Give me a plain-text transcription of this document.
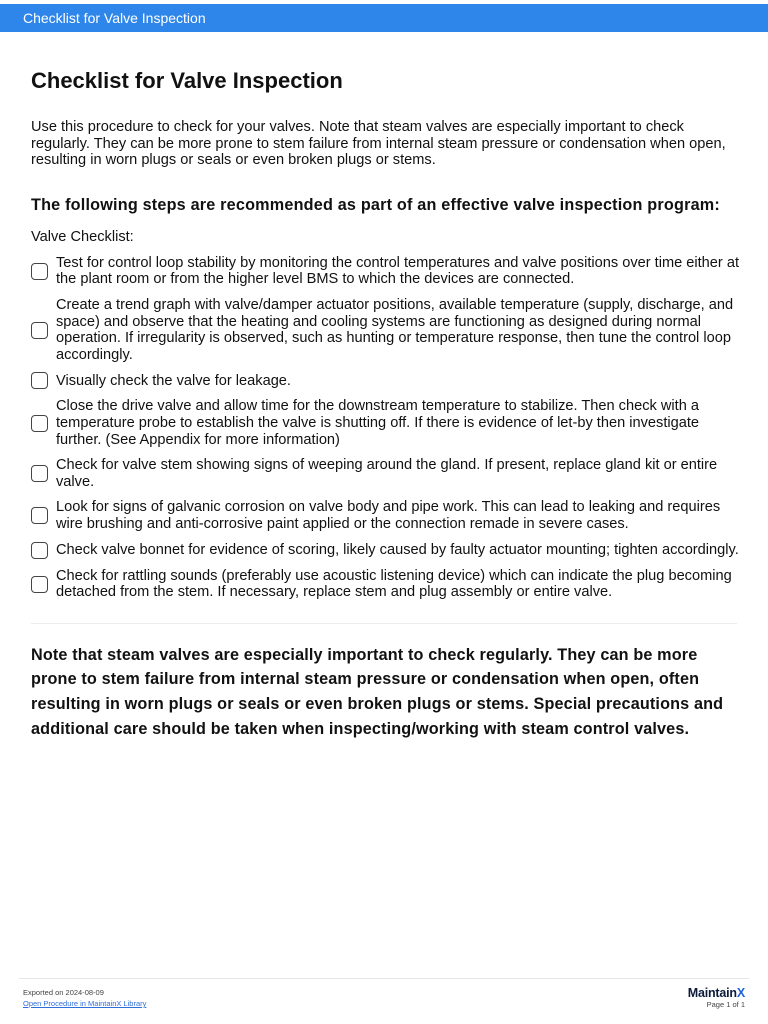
Checklist for Valve Inspection
Checklist for Valve Inspection

Use this procedure to check for your valves. Note that steam valves are especially important to check regularly. They can be more prone to stem failure from internal steam pressure or condensation when open, resulting in worn plugs or seals or even broken plugs or stems.

The following steps are recommended as part of an effective valve inspection program:
Valve Checklist:
Test for control loop stability by monitoring the control temperatures and valve positions over time either at the plant room or from the higher level BMS to which the devices are connected.
Create a trend graph with valve/damper actuator positions, available temperature (supply, discharge, and space) and observe that the heating and cooling systems are functioning as designed during normal operation. If irregularity is observed, such as hunting or temperature response, then tune the control loop accordingly.
Visually check the valve for leakage.
Close the drive valve and allow time for the downstream temperature to stabilize. Then check with a temperature probe to establish the valve is shutting off. If there is evidence of let-by then investigate further. (See Appendix for more information)
Check for valve stem showing signs of weeping around the gland. If present, replace gland kit or entire valve.
Look for signs of galvanic corrosion on valve body and pipe work. This can lead to leaking and requires wire brushing and anti-corrosive paint applied or the connection remade in severe cases.
Check valve bonnet for evidence of scoring, likely caused by faulty actuator mounting; tighten accordingly.
Check for rattling sounds (preferably use acoustic listening device) which can indicate the plug becoming detached from the stem. If necessary, replace stem and plug assembly or entire valve.

Note that steam valves are especially important to check regularly. They can be more prone to stem failure from internal steam pressure or condensation when open, often resulting in worn plugs or seals or even broken plugs or stems. Special precautions and additional care should be taken when inspecting/working with steam control valves.

Exported on 2024-08-09
Open Procedure in MaintainX Library
MaintainX
Page 1 of 1
